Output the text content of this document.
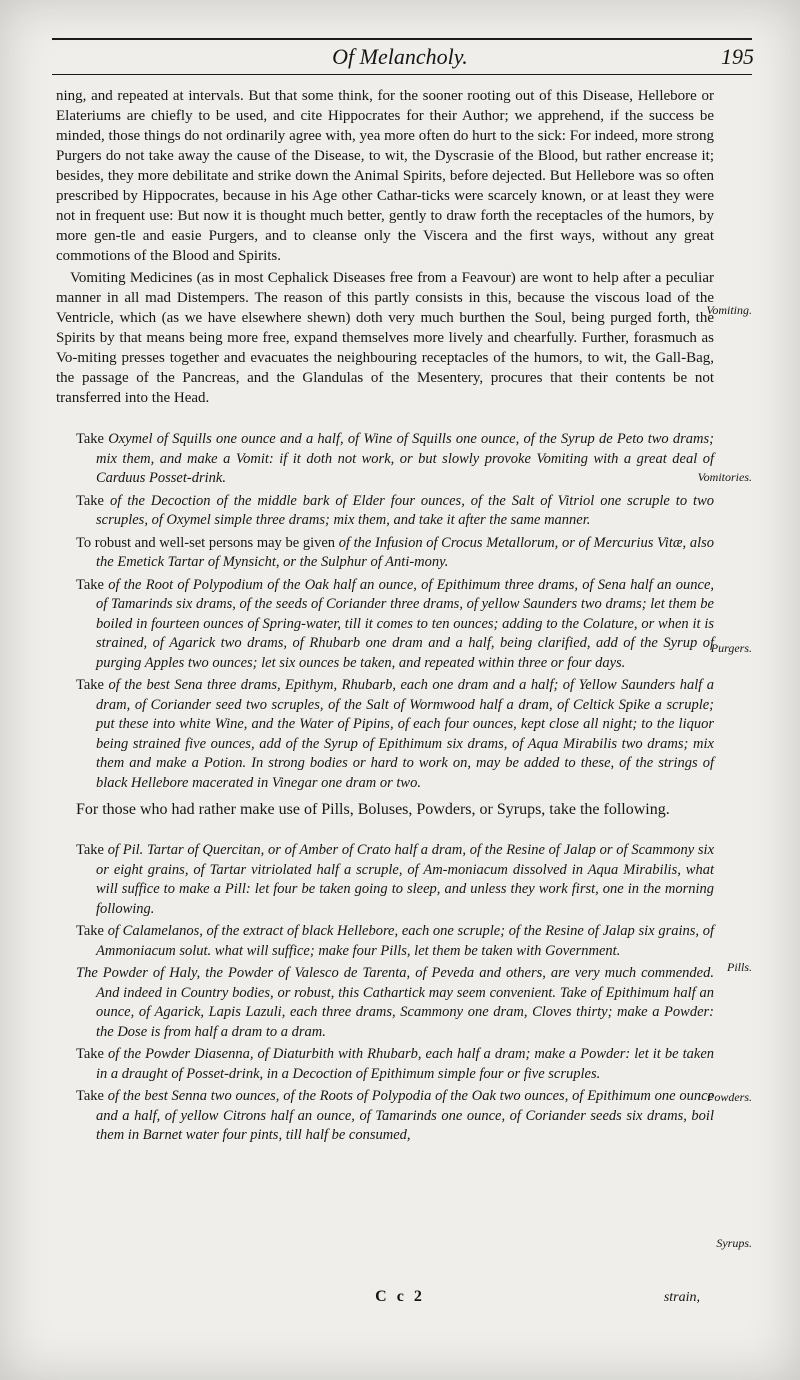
Of Melancholy.	195

ning, and repeated at intervals. But that some think, for the sooner rooting out of this Disease, Hellebore or Elateriums are chiefly to be used, and cite Hippocrates for their Author; we apprehend, if the success be minded, those things do not ordinarily agree with, yea more often do hurt to the sick: For indeed, more strong Purgers do not take away the cause of the Disease, to wit, the Dyscrasie of the Blood, but rather encrease it; besides, they more debilitate and strike down the Animal Spirits, before dejected. But Hellebore was so often prescribed by Hippocrates, because in his Age other Cathar-ticks were scarcely known, or at least they were not in frequent use: But now it is thought much better, gently to draw forth the receptacles of the humors, by more gen-tle and easie Purgers, and to cleanse only the Viscera and the first ways, without any great commotions of the Blood and Spirits.

Vomiting Medicines (as in most Cephalick Diseases free from a Feavour) are wont to help after a peculiar manner in all mad Distempers. The reason of this partly consists in this, because the viscous load of the Ventricle, which (as we have elsewhere shewn) doth very much burthen the Soul, being purged forth, the Spirits by that means being more free, expand themselves more lively and chearfully. Further, forasmuch as Vo-miting presses together and evacuates the neighbouring receptacles of the humors, to wit, the Gall-Bag, the passage of the Pancreas, and the Glandulas of the Mesentery, procures that their contents be not transferred into the Head.

Take Oxymel of Squills one ounce and a half, of Wine of Squills one ounce, of the Syrup de Peto two drams; mix them, and make a Vomit: if it doth not work, or but slowly provoke Vomiting with a great deal of Carduus Posset-drink.

Take of the Decoction of the middle bark of Elder four ounces, of the Salt of Vitriol one scruple to two scruples, of Oxymel simple three drams; mix them, and take it after the same manner.

To robust and well-set persons may be given of the Infusion of Crocus Metallorum, or of Mercurius Vitæ, also the Emetick Tartar of Mynsicht, or the Sulphur of Anti-mony.

Take of the Root of Polypodium of the Oak half an ounce, of Epithimum three drams, of Sena half an ounce, of Tamarinds six drams, of the seeds of Coriander three drams, of yellow Saunders two drams; let them be boiled in fourteen ounces of Spring-water, till it comes to ten ounces; adding to the Colature, or when it is strained, of Agarick two drams, of Rhubarb one dram and a half, being clarified, add of the Syrup of purging Apples two ounces; let six ounces be taken, and repeated within three or four days.

Take of the best Sena three drams, Epithym, Rhubarb, each one dram and a half; of Yellow Saunders half a dram, of Coriander seed two scruples, of the Salt of Wormwood half a dram, of Celtick Spike a scruple; put these into white Wine, and the Water of Pipins, of each four ounces, kept close all night; to the liquor being strained five ounces, add of the Syrup of Epithimum six drams, of Aqua Mirabilis two drams; mix them and make a Potion. In strong bodies or hard to work on, may be added to these, of the strings of black Hellebore macerated in Vinegar one dram or two.

For those who had rather make use of Pills, Boluses, Powders, or Syrups, take the following.

Take of Pil. Tartar of Quercitan, or of Amber of Crato half a dram, of the Resine of Jalap or of Scammony six or eight grains, of Tartar vitriolated half a scruple, of Am-moniacum dissolved in Aqua Mirabilis, what will suffice to make a Pill: let four be taken going to sleep, and unless they work first, one in the morning following.

Take of Calamelanos, of the extract of black Hellebore, each one scruple; of the Resine of Jalap six grains, of Ammoniacum solut. what will suffice; make four Pills, let them be taken with Government.

The Powder of Haly, the Powder of Valesco de Tarenta, of Peveda and others, are very much commended. And indeed in Country bodies, or robust, this Cathartick may seem convenient. Take of Epithimum half an ounce, of Agarick, Lapis Lazuli, each three drams, Scammony one dram, Cloves thirty; make a Powder: the Dose is from half a dram to a dram.

Take of the Powder Diasenna, of Diaturbith with Rhubarb, each half a dram; make a Powder: let it be taken in a draught of Posset-drink, in a Decoction of Epithimum simple four or five scruples.

Take of the best Senna two ounces, of the Roots of Polypodia of the Oak two ounces, of Epithimum one ounce and a half, of yellow Citrons half an ounce, of Tamarinds one ounce, of Coriander seeds six drams, boil them in Barnet water four pints, till half be consumed,

Vomiting.
Vomitories.
Purgers.
Pills.
Powders.
Syrups.
C c 2	strain,
